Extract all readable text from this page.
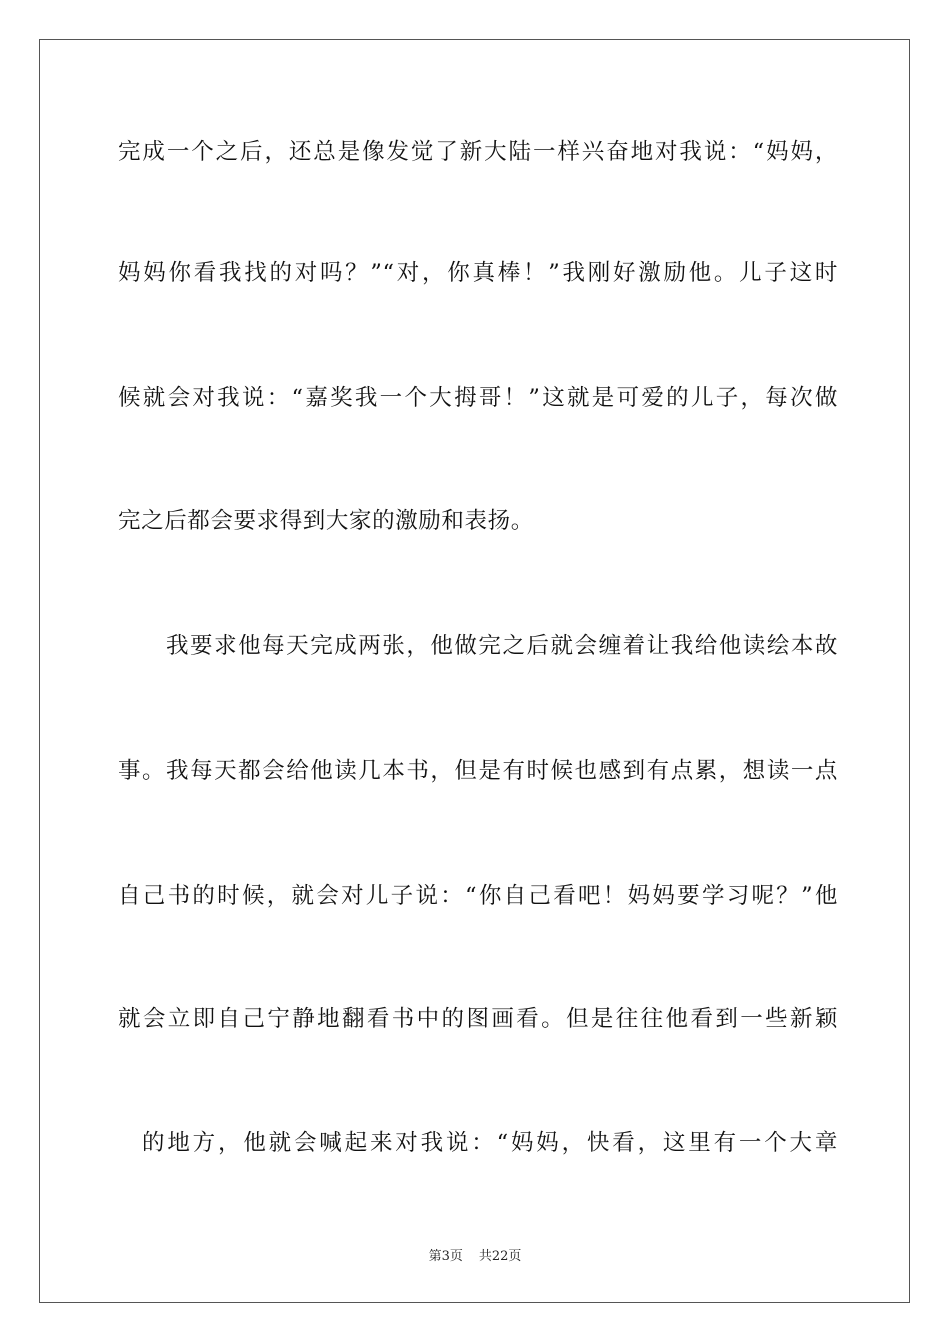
完成一个之后，还总是像发觉了新大陆一样兴奋地对我说：“妈妈，
妈妈你看我找的对吗？”“对，你真棒！”我刚好激励他。儿子这时
候就会对我说：“嘉奖我一个大拇哥！”这就是可爱的儿子，每次做
完之后都会要求得到大家的激励和表扬。
我要求他每天完成两张，他做完之后就会缠着让我给他读绘本故
事。我每天都会给他读几本书，但是有时候也感到有点累，想读一点
自己书的时候，就会对儿子说：“你自己看吧！妈妈要学习呢？”他
就会立即自己宁静地翻看书中的图画看。但是往往他看到一些新颖
的地方，他就会喊起来对我说：“妈妈，快看，这里有一个大章
第3页 共22页
